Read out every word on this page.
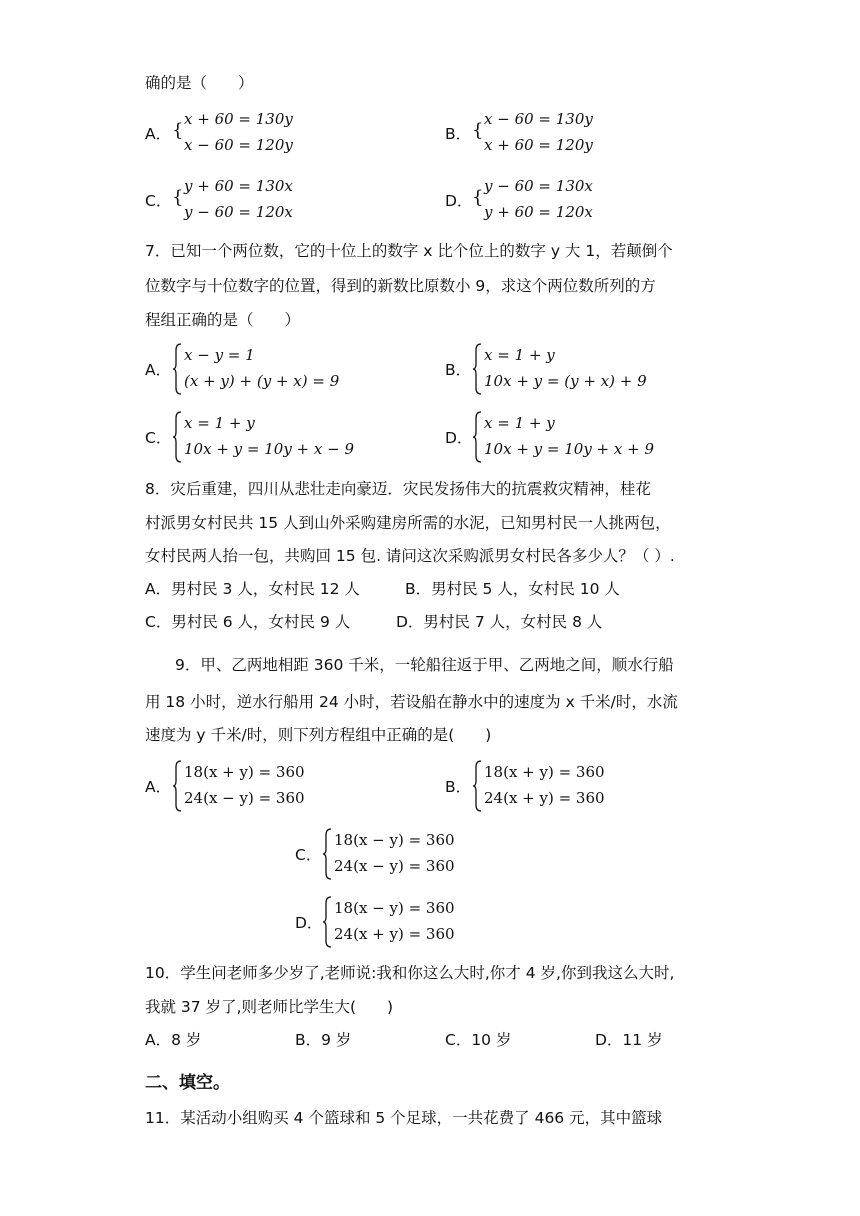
确的是（　　）
A． {
x + 60 = 130y
x − 60 = 120y
B． {
x − 60 = 130y
x + 60 = 120y
C． {
y + 60 = 130x
y − 60 = 120x
D． {
y − 60 = 130x
y + 60 = 120x
7．已知一个两位数，它的十位上的数字 x 比个位上的数字 y 大 1，若颠倒个
位数字与十位数字的位置，得到的新数比原数小 9，求这个两位数所列的方
程组正确的是（　　）
A．
x − y = 1
(x + y) + (y + x) = 9
B．
x = 1 + y
10x + y = (y + x) + 9
C．
x = 1 + y
10x + y = 10y + x − 9
D．
x = 1 + y
10x + y = 10y + x + 9
8．灾后重建，四川从悲壮走向豪迈．灾民发扬伟大的抗震救灾精神，桂花
村派男女村民共 15 人到山外采购建房所需的水泥，已知男村民一人挑两包，
女村民两人抬一包，共购回 15 包. 请问这次采购派男女村民各多少人？（ ）.
A．男村民 3 人，女村民 12 人	B．男村民 5 人，女村民 10 人
C．男村民 6 人，女村民 9 人	D．男村民 7 人，女村民 8 人
9．甲、乙两地相距 360 千米，一轮船往返于甲、乙两地之间，顺水行船
用 18 小时，逆水行船用 24 小时，若设船在静水中的速度为 x 千米/时，水流
速度为 y 千米/时，则下列方程组中正确的是(　　)
A．
18(x + y) = 360
24(x − y) = 360
B．
18(x + y) = 360
24(x + y) = 360
C．
18(x − y) = 360
24(x − y) = 360
D．
18(x − y) = 360
24(x + y) = 360
10．学生问老师多少岁了,老师说:我和你这么大时,你才 4 岁,你到我这么大时,
我就 37 岁了,则老师比学生大(　　)
A．8 岁	B．9 岁	C．10 岁	D．11 岁
二、填空。
11．某活动小组购买 4 个篮球和 5 个足球，一共花费了 466 元，其中篮球
